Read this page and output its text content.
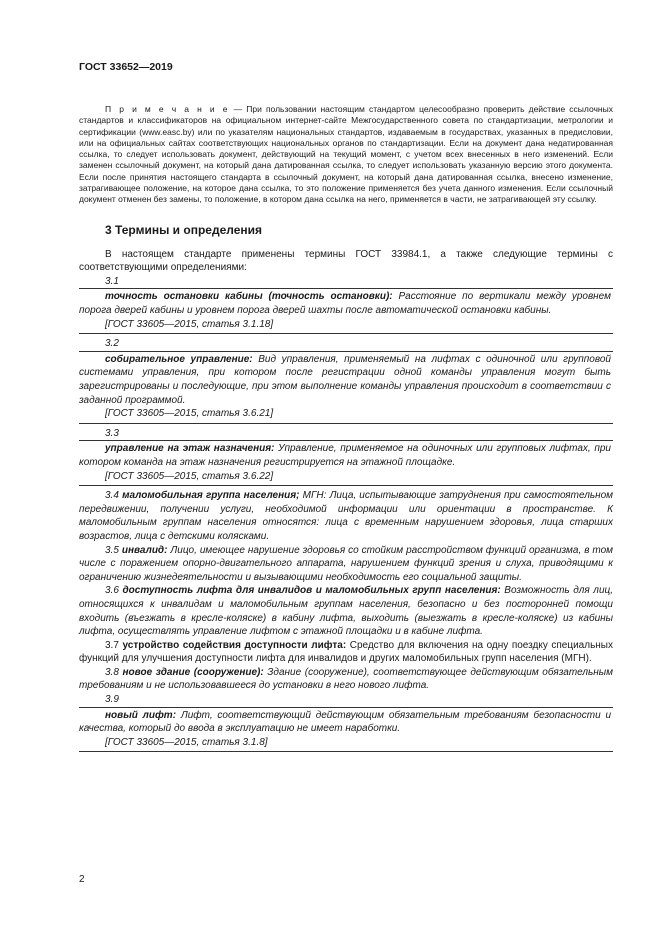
ГОСТ 33652—2019
П р и м е ч а н и е — При пользовании настоящим стандартом целесообразно проверить действие ссылочных стандартов и классификаторов на официальном интернет-сайте Межгосударственного совета по стандартизации, метрологии и сертификации (www.easc.by) или по указателям национальных стандартов, издаваемым в государствах, указанных в предисловии, или на официальных сайтах соответствующих национальных органов по стандартизации. Если на документ дана недатированная ссылка, то следует использовать документ, действующий на текущий момент, с учетом всех внесенных в него изменений. Если заменен ссылочный документ, на который дана датированная ссылка, то следует использовать указанную версию этого документа. Если после принятия настоящего стандарта в ссылочный документ, на который дана датированная ссылка, внесено изменение, затрагивающее положение, на которое дана ссылка, то это положение применяется без учета данного изменения. Если ссылочный документ отменен без замены, то положение, в котором дана ссылка на него, применяется в части, не затрагивающей эту ссылку.
3 Термины и определения
В настоящем стандарте применены термины ГОСТ 33984.1, а также следующие термины с соответствующими определениями:
3.1
точность остановки кабины (точность остановки): Расстояние по вертикали между уровнем порога дверей кабины и уровнем порога дверей шахты после автоматической остановки кабины.
[ГОСТ 33605—2015, статья 3.1.18]
3.2
собирательное управление: Вид управления, применяемый на лифтах с одиночной или групповой системами управления, при котором после регистрации одной команды управления могут быть зарегистрированы и последующие, при этом выполнение команды управления происходит в соответствии с заданной программой.
[ГОСТ 33605—2015, статья 3.6.21]
3.3
управление на этаж назначения: Управление, применяемое на одиночных или групповых лифтах, при котором команда на этаж назначения регистрируется на этажной площадке.
[ГОСТ 33605—2015, статья 3.6.22]
3.4 маломобильная группа населения; МГН: Лица, испытывающие затруднения при самостоятельном передвижении, получении услуги, необходимой информации или ориентации в пространстве. К маломобильным группам населения относятся: лица с временным нарушением здоровья, лица старших возрастов, лица с детскими колясками.
3.5 инвалид: Лицо, имеющее нарушение здоровья со стойким расстройством функций организма, в том числе с поражением опорно-двигательного аппарата, нарушением функций зрения и слуха, приводящими к ограничению жизнедеятельности и вызывающими необходимость его социальной защиты.
3.6 доступность лифта для инвалидов и маломобильных групп населения: Возможность для лиц, относящихся к инвалидам и маломобильным группам населения, безопасно и без посторонней помощи входить (въезжать в кресле-коляске) в кабину лифта, выходить (выезжать в кресле-коляске) из кабины лифта, осуществлять управление лифтом с этажной площадки и в кабине лифта.
3.7 устройство содействия доступности лифта: Средство для включения на одну поездку специальных функций для улучшения доступности лифта для инвалидов и других маломобильных групп населения (МГН).
3.8 новое здание (сооружение): Здание (сооружение), соответствующее действующим обязательным требованиям и не использовавшееся до установки в него нового лифта.
3.9
новый лифт: Лифт, соответствующий действующим обязательным требованиям безопасности и качества, который до ввода в эксплуатацию не имеет наработки.
[ГОСТ 33605—2015, статья 3.1.8]
2
